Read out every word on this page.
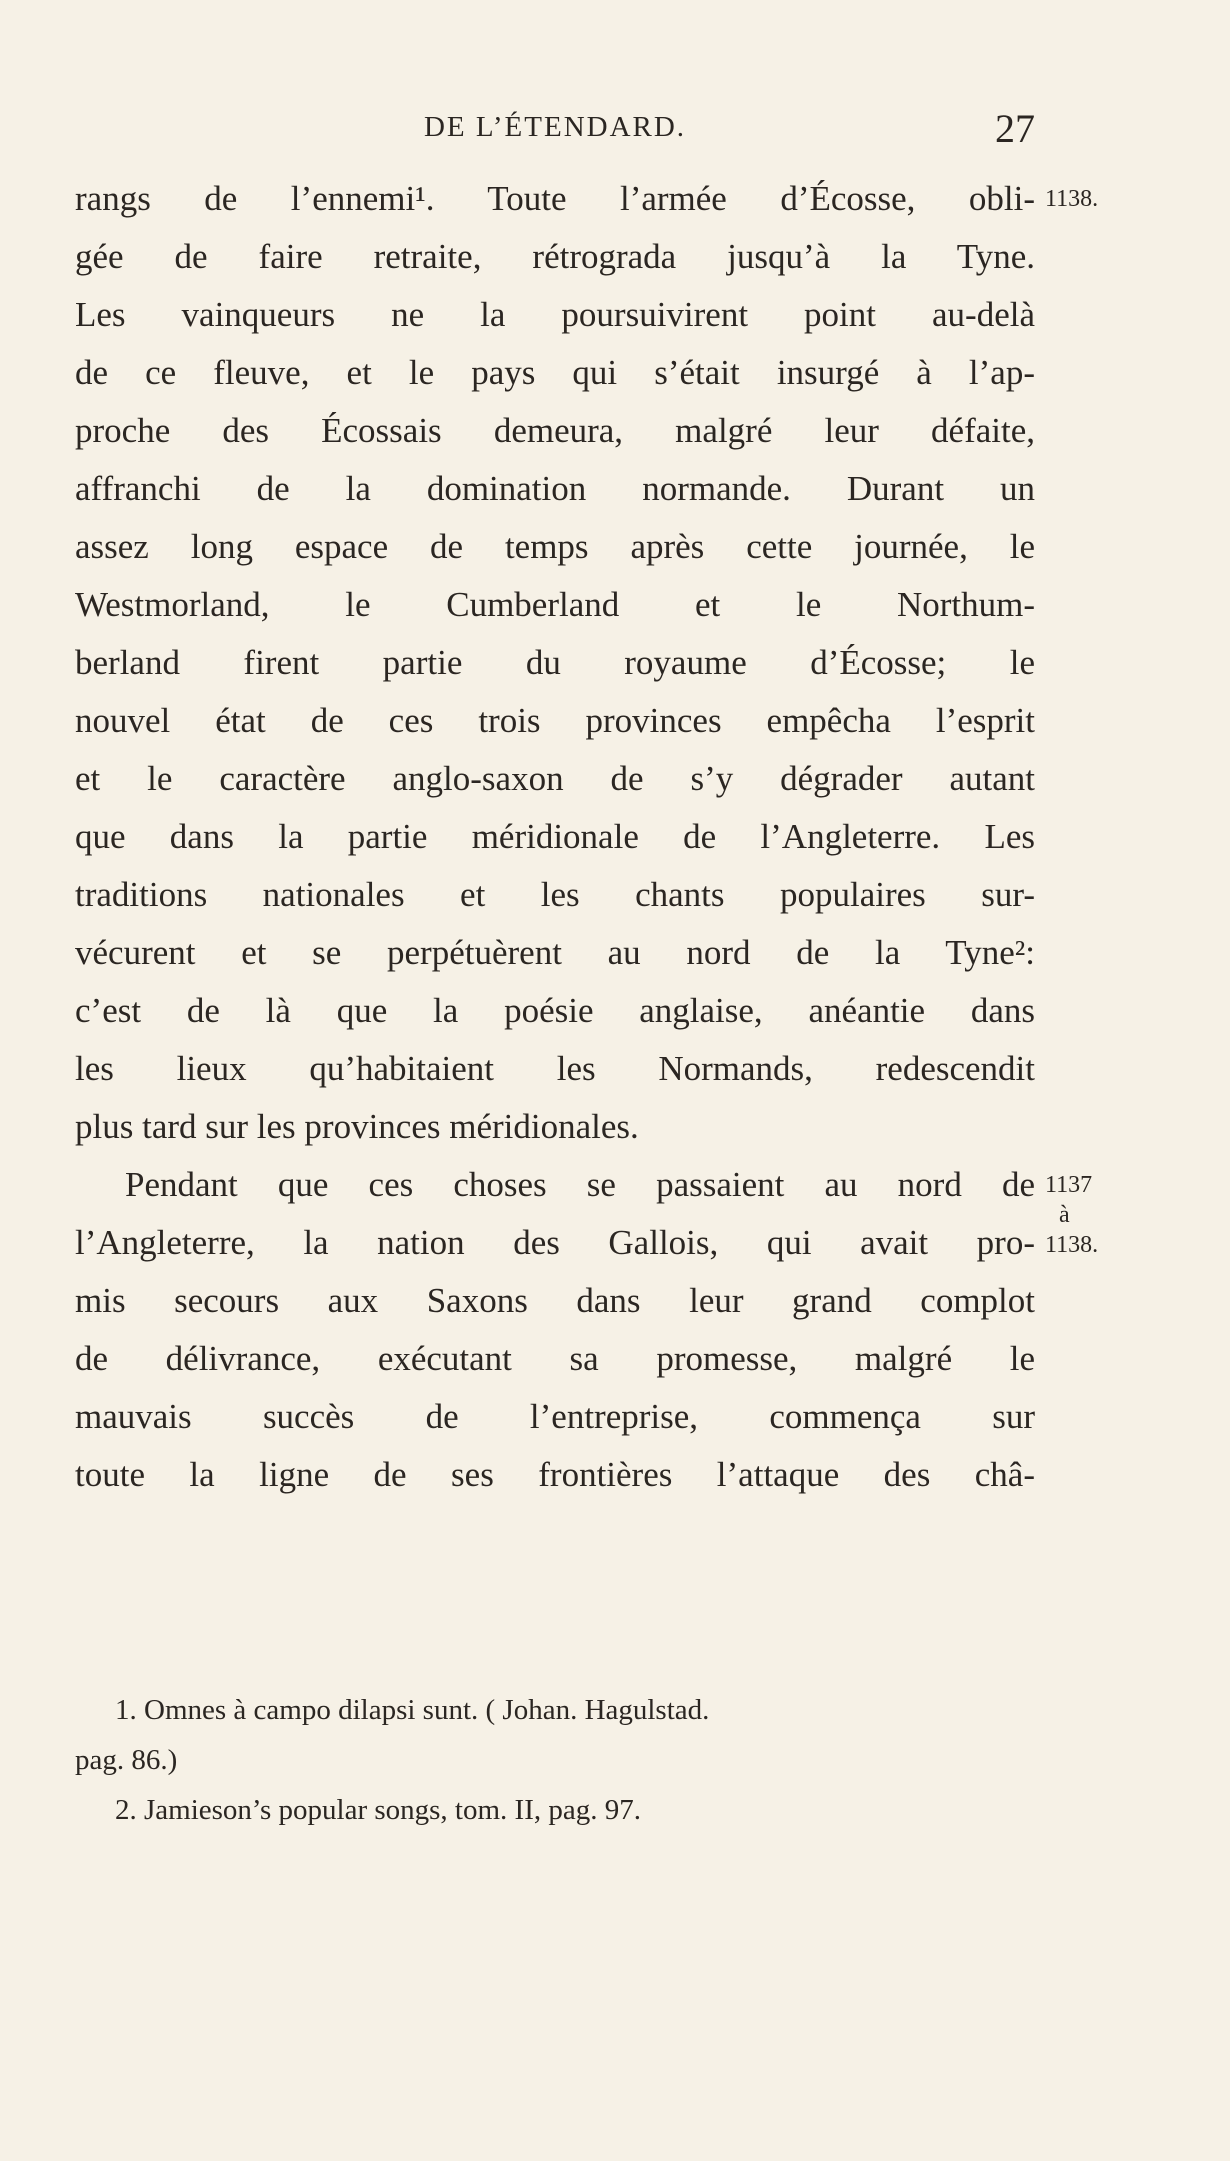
DE L’ÉTENDARD.	27
rangs de l’ennemi¹. Toute l’armée d’Écosse, obli-
gée de faire retraite, rétrograda jusqu’à la Tyne.
Les vainqueurs ne la poursuivirent point au-delà
de ce fleuve, et le pays qui s’était insurgé à l’ap-
proche des Écossais demeura, malgré leur défaite,
affranchi de la domination normande. Durant un
assez long espace de temps après cette journée, le
Westmorland, le Cumberland et le Northum-
berland firent partie du royaume d’Écosse; le
nouvel état de ces trois provinces empêcha l’esprit
et le caractère anglo-saxon de s’y dégrader autant
que dans la partie méridionale de l’Angleterre. Les
traditions nationales et les chants populaires sur-
vécurent et se perpétuèrent au nord de la Tyne²:
c’est de là que la poésie anglaise, anéantie dans
les lieux qu’habitaient les Normands, redescendit
plus tard sur les provinces méridionales.
Pendant que ces choses se passaient au nord de
l’Angleterre, la nation des Gallois, qui avait pro-
mis secours aux Saxons dans leur grand complot
de délivrance, exécutant sa promesse, malgré le
mauvais succès de l’entreprise, commença sur
toute la ligne de ses frontières l’attaque des châ-
1138.
1137
à
1138.
1. Omnes à campo dilapsi sunt. ( Johan. Hagulstad.
pag. 86.)
2. Jamieson’s popular songs, tom. II, pag. 97.
